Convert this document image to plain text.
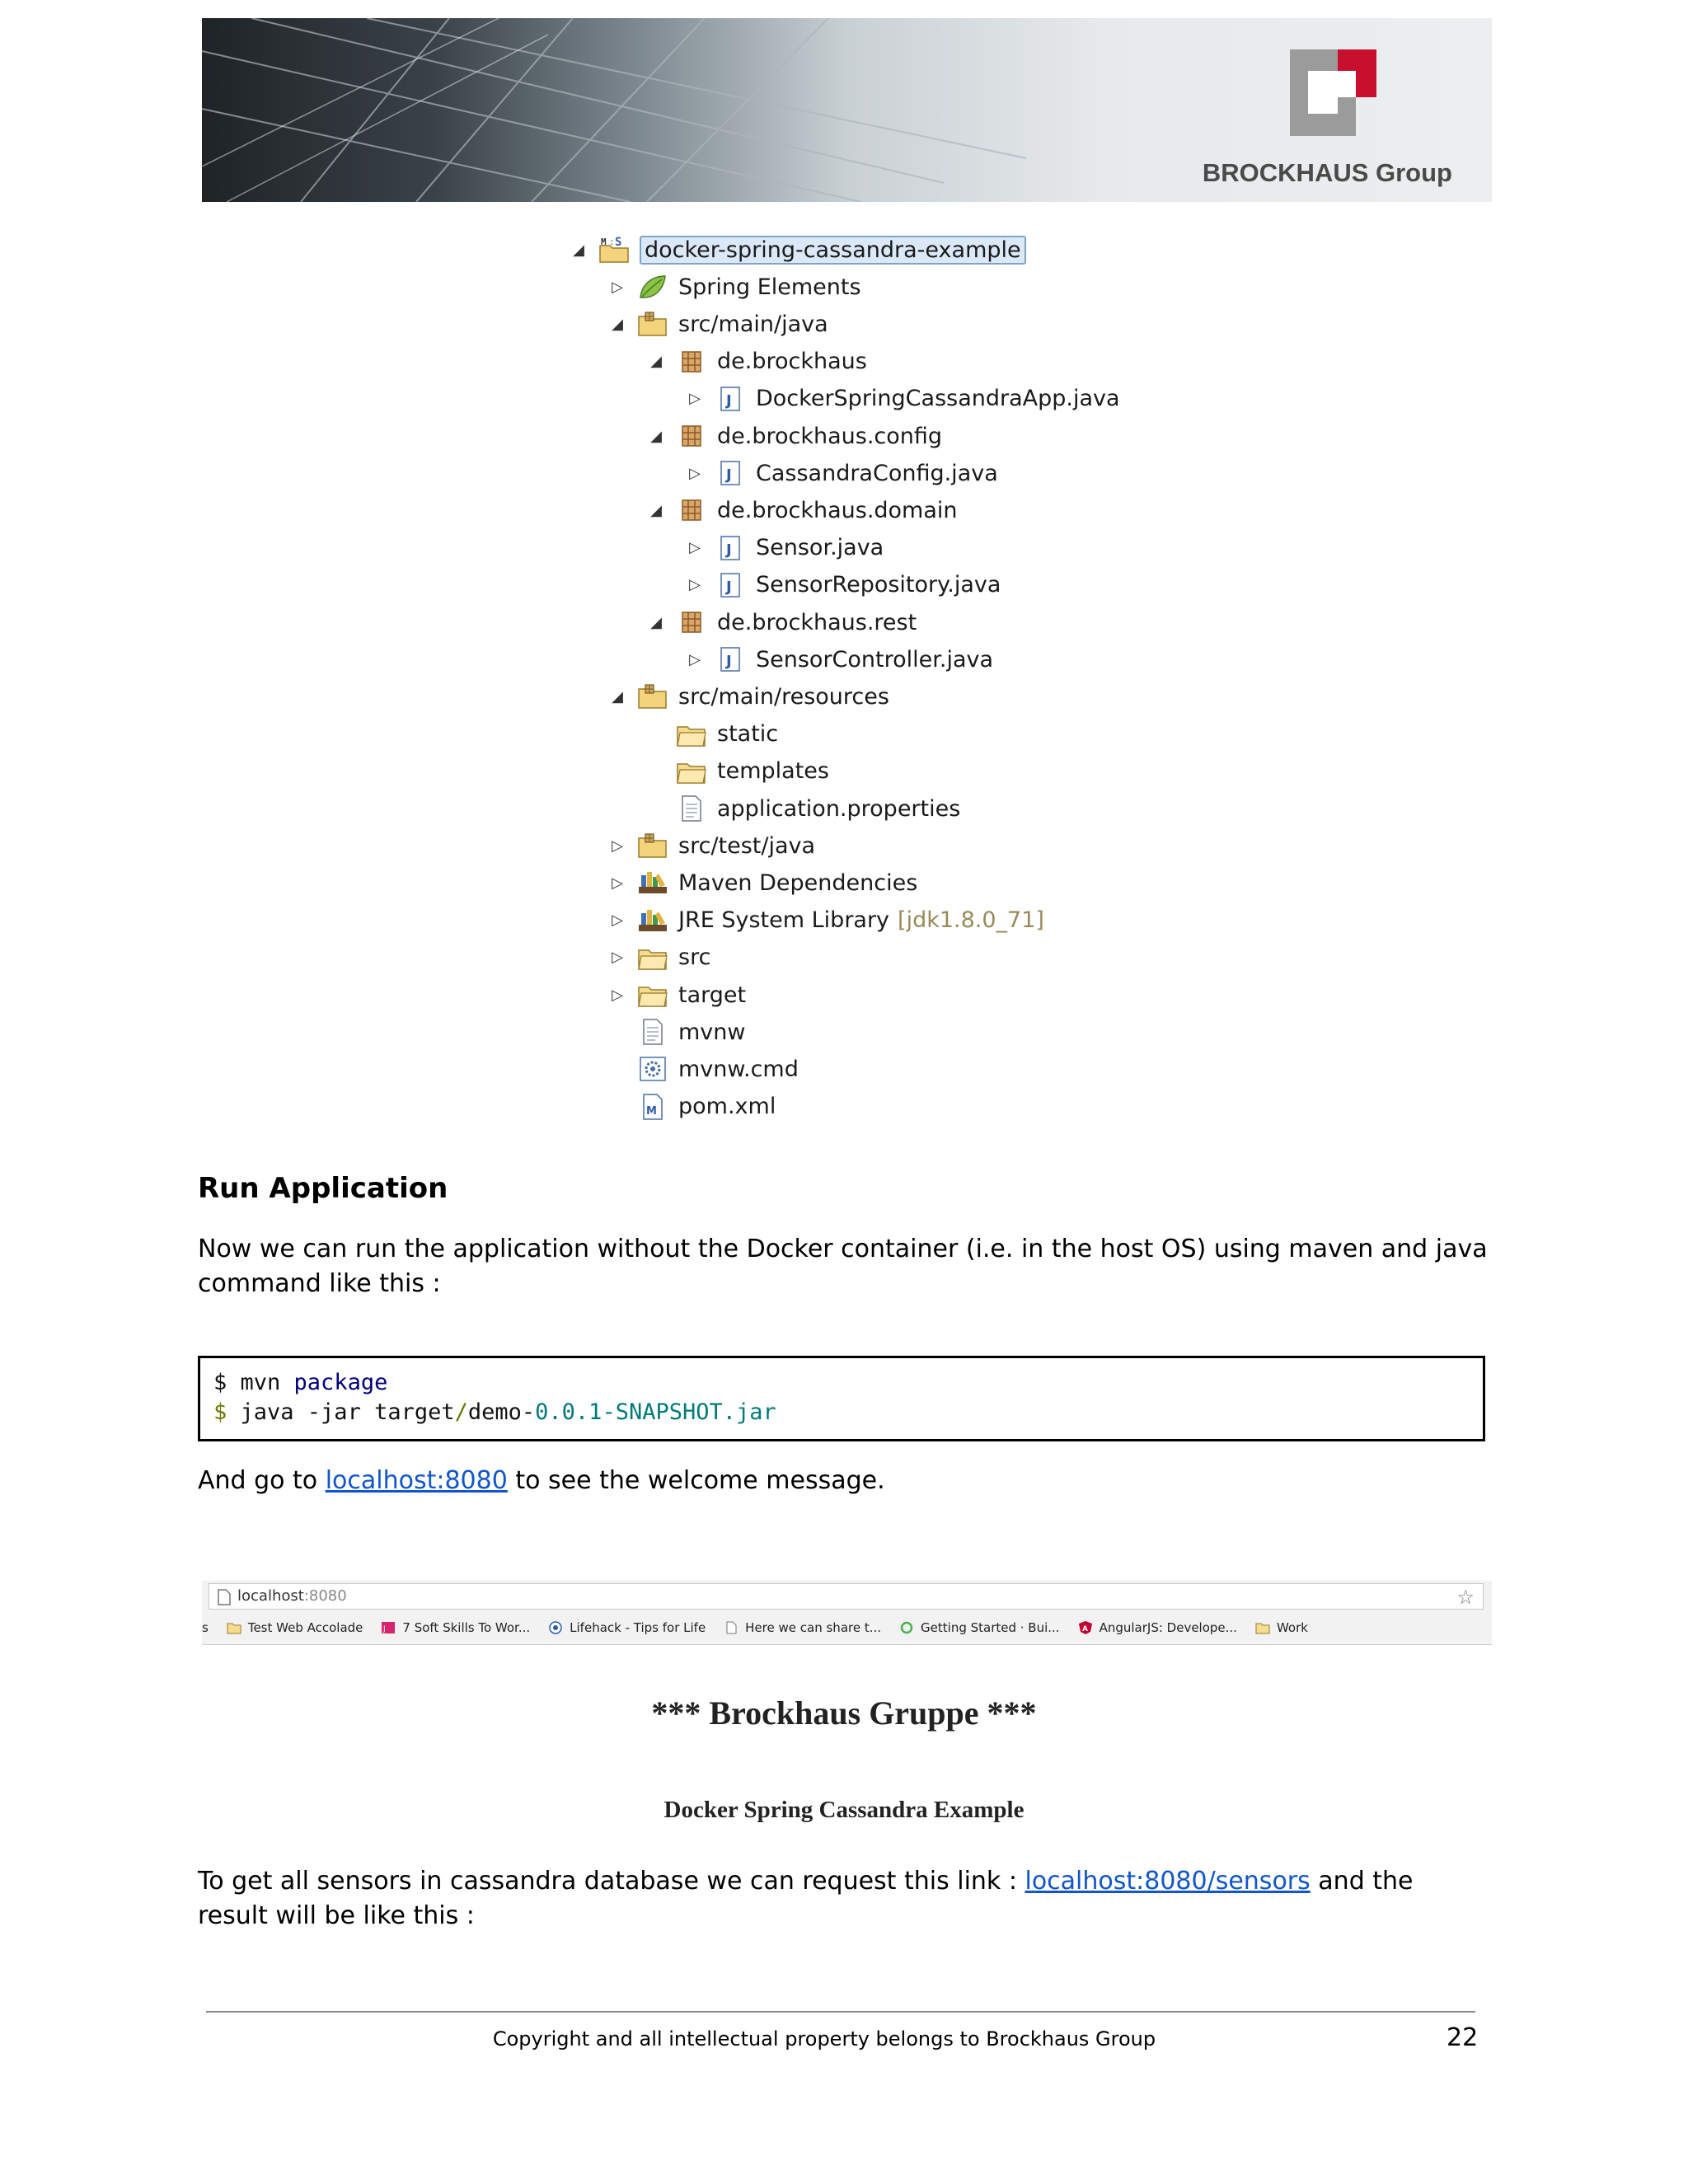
BROCKHAUS Group
◢	M : S docker-spring-cassandra-example
▷ Spring Elements
◢ src/main/java
◢ de.brockhaus
▷ J DockerSpringCassandraApp.java
◢ de.brockhaus.config
▷ J CassandraConfig.java
◢ de.brockhaus.domain
▷ J Sensor.java
▷ J SensorRepository.java
◢ de.brockhaus.rest
▷ J SensorController.java
◢ src/main/resources
static
templates
application.properties
▷ src/test/java
▷ Maven Dependencies
▷ JRE System Library [jdk1.8.0_71]
▷ src
▷ target
mvnw
mvnw.cmd
M pom.xml
Run Application
Now we can run the application without the Docker container (i.e. in the host OS) using maven and java command like this :
$ mvn package
$ java -jar target/demo-0.0.1-SNAPSHOT.jar
And go to localhost:8080 to see the welcome message.
localhost:8080	☆
s	Test Web Accolade	J 7 Soft Skills To Wor...	Lifehack - Tips for Life	Here we can share t...	Getting Started · Bui...	A AngularJS: Develope...	Work
*** Brockhaus Gruppe ***
Docker Spring Cassandra Example
To get all sensors in cassandra database we can request this link : localhost:8080/sensors and the
result will be like this :
Copyright and all intellectual property belongs to Brockhaus Group	22
